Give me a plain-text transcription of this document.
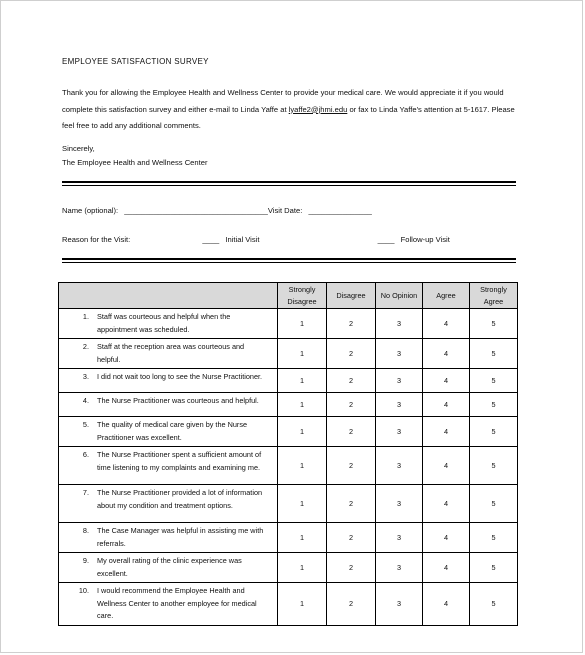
EMPLOYEE SATISFACTION SURVEY
Thank you for allowing the Employee Health and Wellness Center to provide your medical care. We would appreciate it if you would complete this satisfaction survey and either e-mail to Linda Yaffe at lyaffe2@jhmi.edu or fax to Linda Yaffe's attention at 5-1617. Please feel free to add any additional comments.
Sincerely,
The Employee Health and Wellness Center
Name (optional): __________________________________Visit Date: _______________
Reason for the Visit:	____ Initial Visit	____ Follow-up Visit
	Strongly Disagree	Disagree	No Opinion	Agree	Strongly Agree
1. Staff was courteous and helpful when the appointment was scheduled.	1	2	3	4	5
2. Staff at the reception area was courteous and helpful.	1	2	3	4	5
3. I did not wait too long to see the Nurse Practitioner.	1	2	3	4	5
4. The Nurse Practitioner was courteous and helpful.	1	2	3	4	5
5. The quality of medical care given by the Nurse Practitioner was excellent.	1	2	3	4	5
6. The Nurse Practitioner spent a sufficient amount of time listening to my complaints and examining me.	1	2	3	4	5
7. The Nurse Practitioner provided a lot of information about my condition and treatment options.	1	2	3	4	5
8. The Case Manager was helpful in assisting me with referrals.	1	2	3	4	5
9. My overall rating of the clinic experience was excellent.	1	2	3	4	5
10. I would recommend the Employee Health and Wellness Center to another employee for medical care.	1	2	3	4	5
